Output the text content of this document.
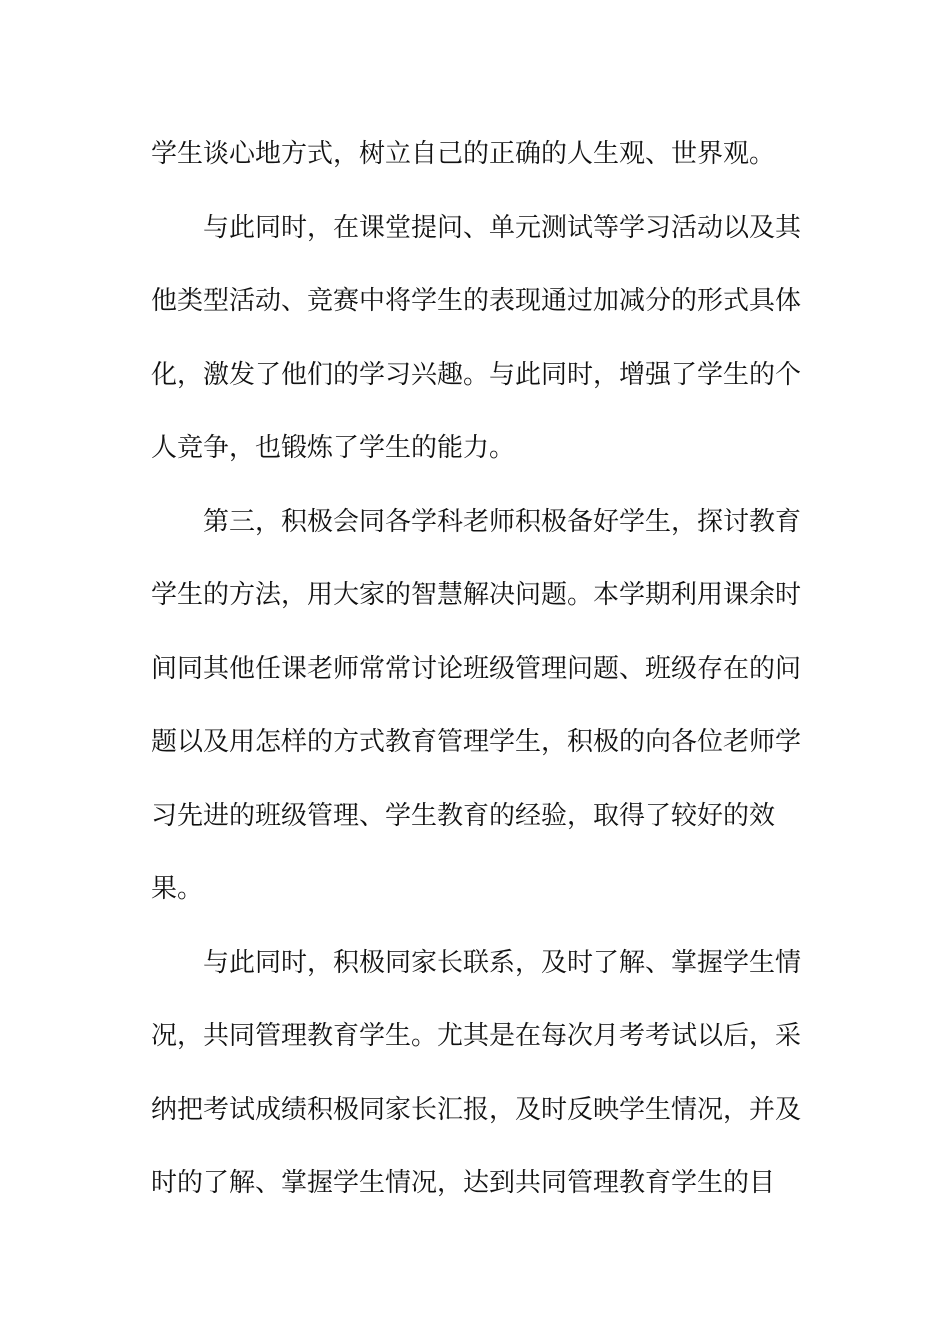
学生谈心地方式，树立自己的正确的人生观、世界观。

与此同时，在课堂提问、单元测试等学习活动以及其
他类型活动、竞赛中将学生的表现通过加减分的形式具体
化，激发了他们的学习兴趣。与此同时，增强了学生的个
人竞争，也锻炼了学生的能力。

第三，积极会同各学科老师积极备好学生，探讨教育
学生的方法，用大家的智慧解决问题。本学期利用课余时
间同其他任课老师常常讨论班级管理问题、班级存在的问
题以及用怎样的方式教育管理学生，积极的向各位老师学
习先进的班级管理、学生教育的经验，取得了较好的效
果。

与此同时，积极同家长联系，及时了解、掌握学生情
况，共同管理教育学生。尤其是在每次月考考试以后，采
纳把考试成绩积极同家长汇报，及时反映学生情况，并及
时的了解、掌握学生情况，达到共同管理教育学生的目
